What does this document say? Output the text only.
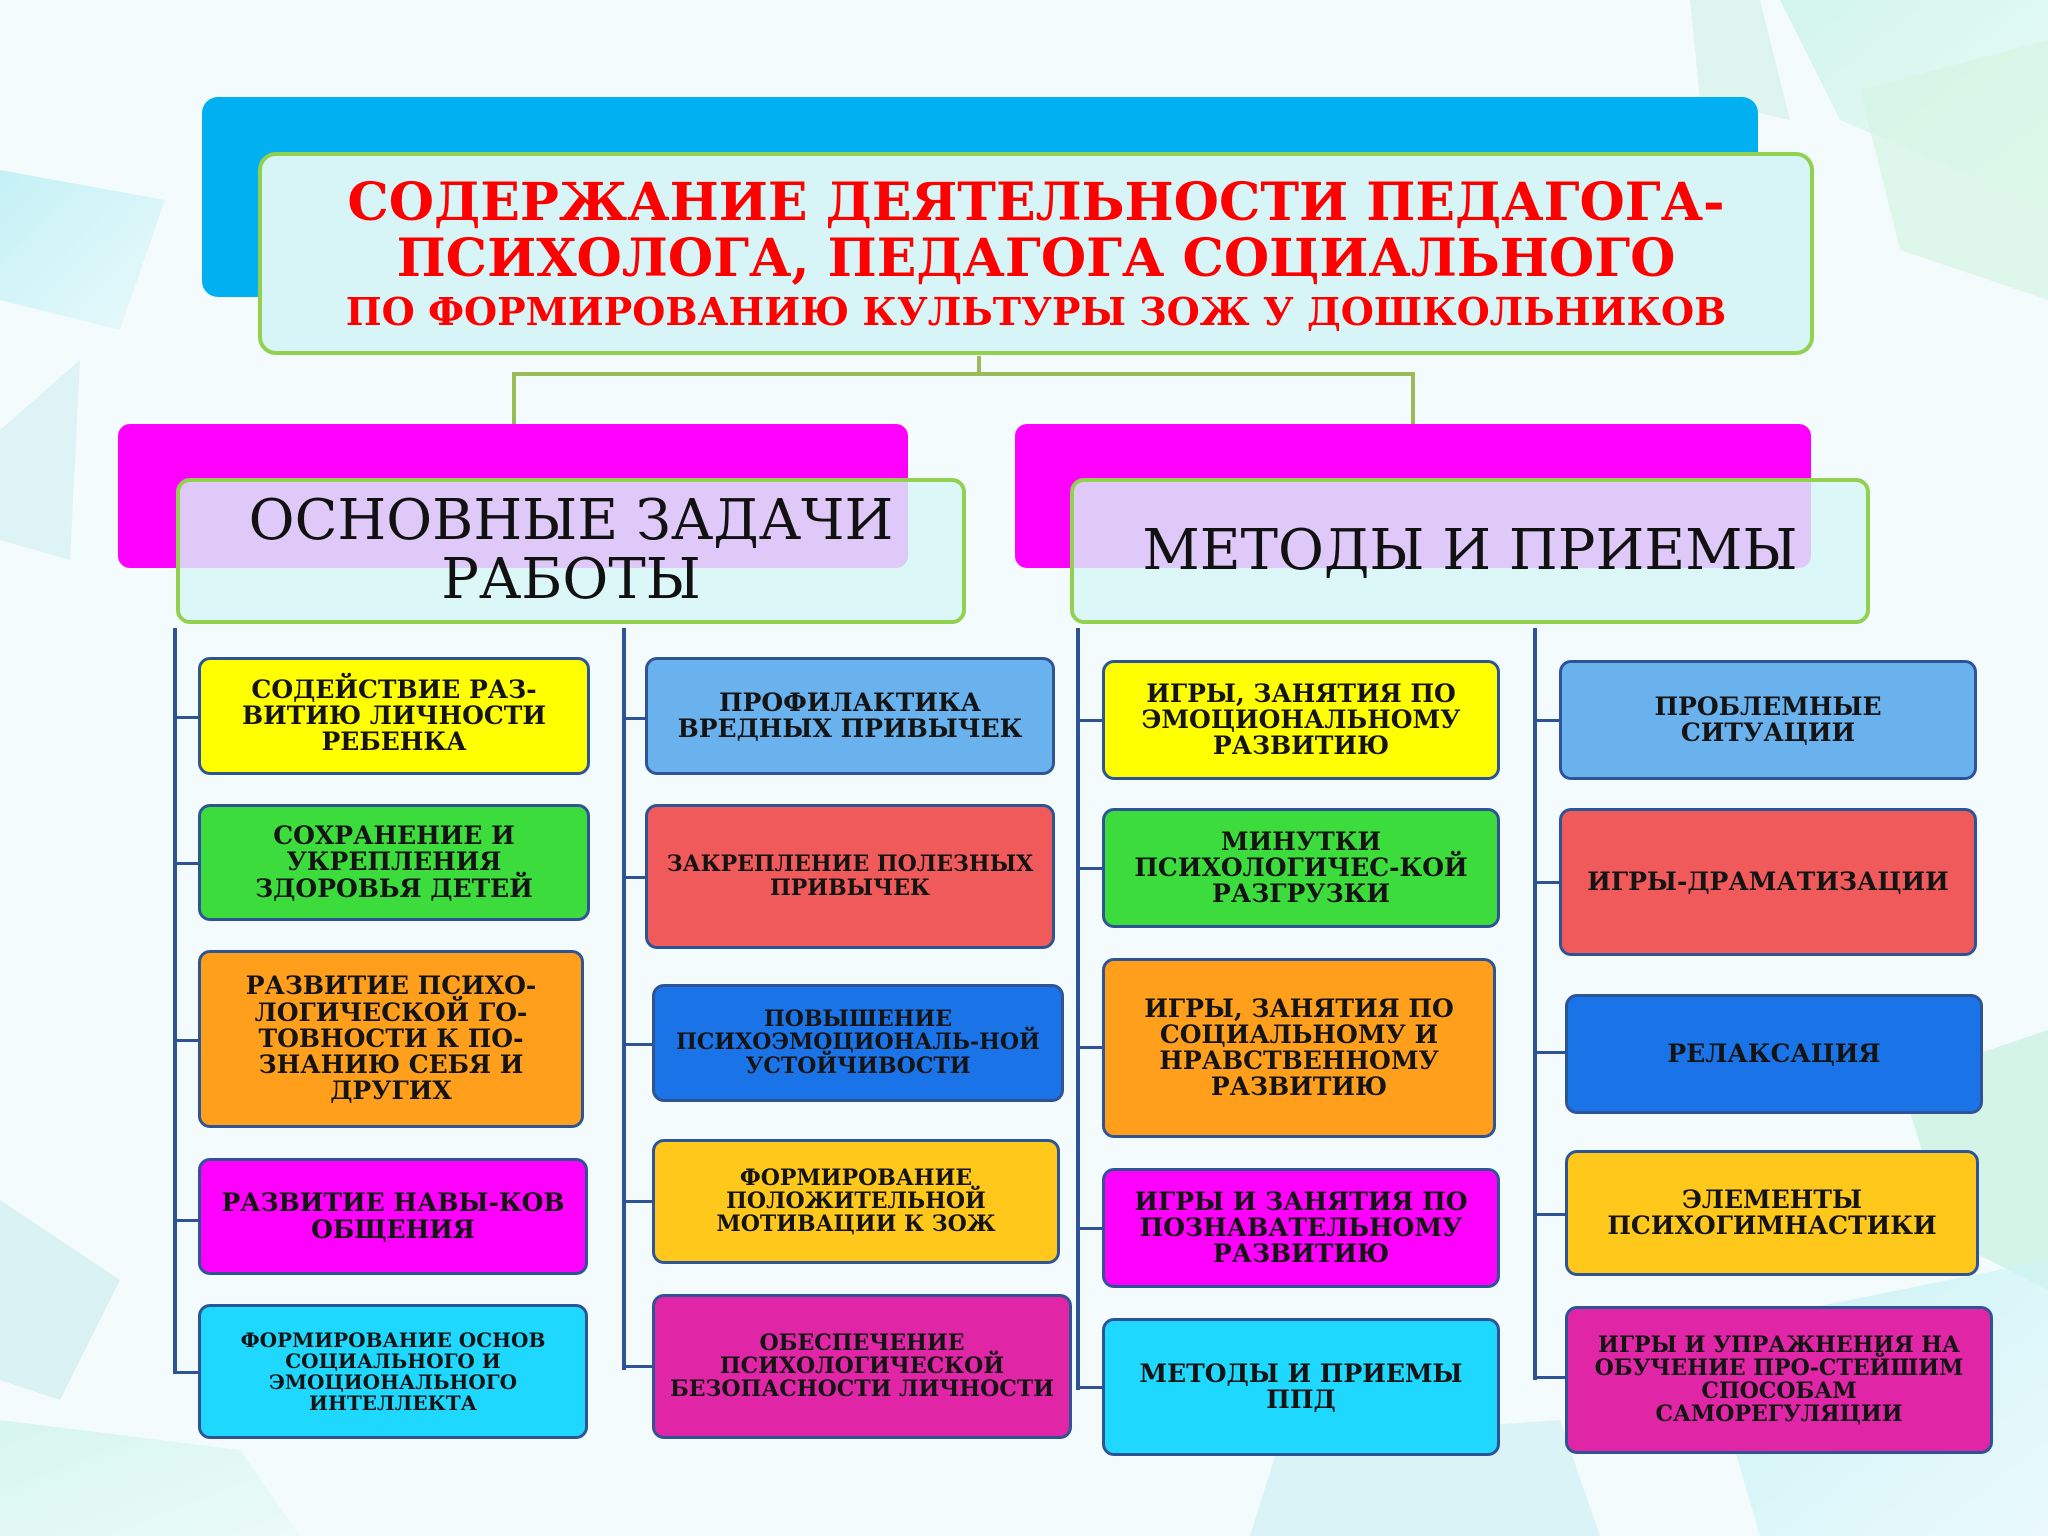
СОДЕРЖАНИЕ ДЕЯТЕЛЬНОСТИ ПЕДАГОГА-
ПСИХОЛОГА, ПЕДАГОГА СОЦИАЛЬНОГО
ПО ФОРМИРОВАНИЮ КУЛЬТУРЫ ЗОЖ У ДОШКОЛЬНИКОВ
ОСНОВНЫЕ ЗАДАЧИ
РАБОТЫ	МЕТОДЫ И ПРИЕМЫ
СОДЕЙСТВИЕ РАЗ-ВИТИЮ ЛИЧНОСТИ РЕБЕНКА
СОХРАНЕНИЕ И УКРЕПЛЕНИЯ ЗДОРОВЬЯ ДЕТЕЙ
РАЗВИТИЕ ПСИХО-ЛОГИЧЕСКОЙ ГО-ТОВНОСТИ К ПО-ЗНАНИЮ СЕБЯ И ДРУГИХ
РАЗВИТИЕ НАВЫ-КОВ ОБЩЕНИЯ
ФОРМИРОВАНИЕ ОСНОВ СОЦИАЛЬНОГО И ЭМОЦИОНАЛЬНОГО ИНТЕЛЛЕКТА
ПРОФИЛАКТИКА ВРЕДНЫХ ПРИВЫЧЕК
ЗАКРЕПЛЕНИЕ ПОЛЕЗНЫХ ПРИВЫЧЕК
ПОВЫШЕНИЕ ПСИХОЭМОЦИОНАЛЬ-НОЙ УСТОЙЧИВОСТИ
ФОРМИРОВАНИЕ ПОЛОЖИТЕЛЬНОЙ МОТИВАЦИИ К ЗОЖ
ОБЕСПЕЧЕНИЕ ПСИХОЛОГИЧЕСКОЙ БЕЗОПАСНОСТИ ЛИЧНОСТИ
ИГРЫ, ЗАНЯТИЯ ПО ЭМОЦИОНАЛЬНОМУ РАЗВИТИЮ
МИНУТКИ ПСИХОЛОГИЧЕС-КОЙ РАЗГРУЗКИ
ИГРЫ, ЗАНЯТИЯ ПО СОЦИАЛЬНОМУ И НРАВСТВЕННОМУ РАЗВИТИЮ
ИГРЫ И ЗАНЯТИЯ ПО ПОЗНАВАТЕЛЬНОМУ РАЗВИТИЮ
МЕТОДЫ И ПРИЕМЫ ППД
ПРОБЛЕМНЫЕ СИТУАЦИИ
ИГРЫ-ДРАМАТИЗАЦИИ
РЕЛАКСАЦИЯ
ЭЛЕМЕНТЫ ПСИХОГИМНАСТИКИ
ИГРЫ И УПРАЖНЕНИЯ НА ОБУЧЕНИЕ ПРО-СТЕЙШИМ СПОСОБАМ САМОРЕГУЛЯЦИИ
